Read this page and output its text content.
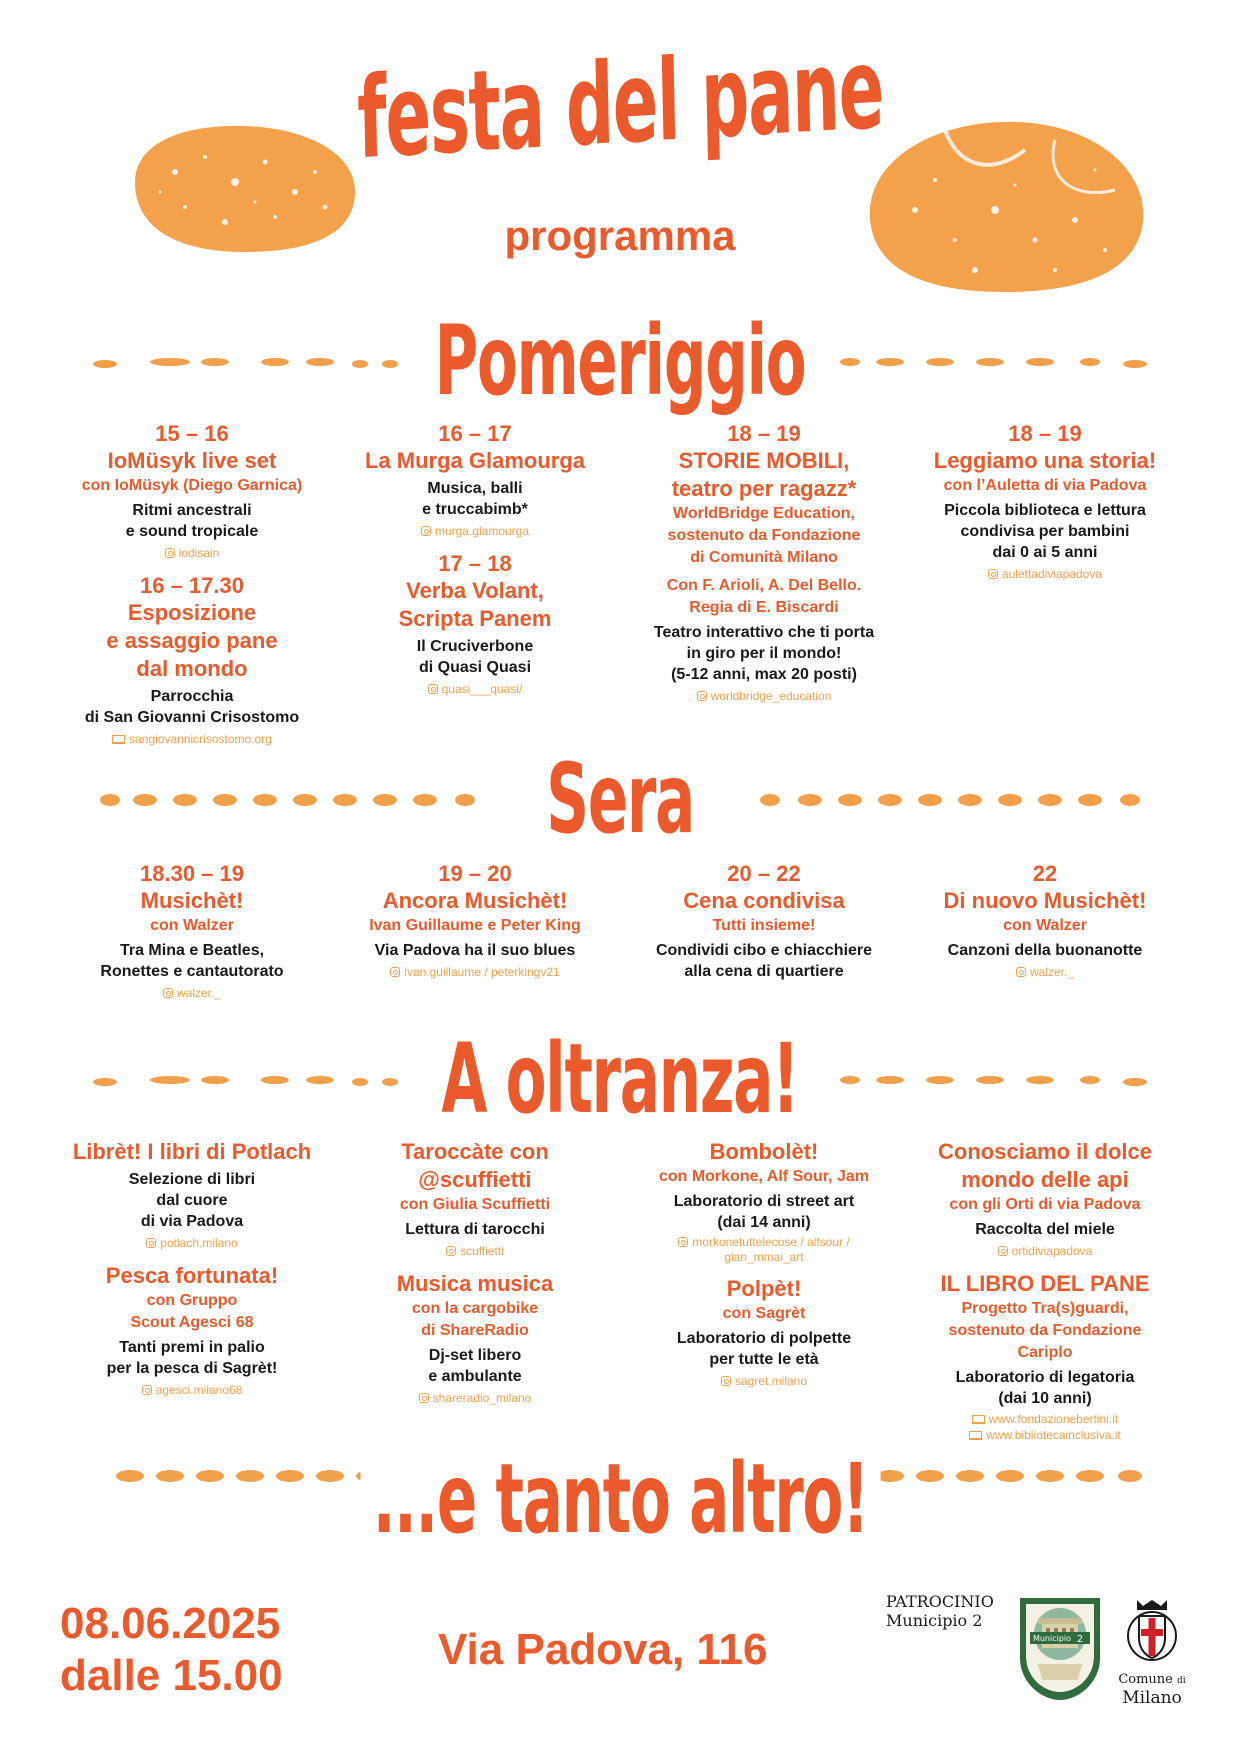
festa del pane
programma
Pomeriggio
15 – 16
IoMüsyk live set
con IoMüsyk (Diego Garnica)
Ritmi ancestrali
e sound tropicale
iodisain
16 – 17.30
Esposizione
e assaggio pane
dal mondo
Parrocchia
di San Giovanni Crisostomo
sangiovannicrisostomo.org
16 – 17
La Murga Glamourga
Musica, balli
e truccabimb*
murga.glamourga
17 – 18
Verba Volant,
Scripta Panem
Il Cruciverbone
di Quasi Quasi
quasi___quasi/
18 – 19
STORIE MOBILI,
teatro per ragazz*
WorldBridge Education,
sostenuto da Fondazione
di Comunità Milano
Con F. Arioli, A. Del Bello.
Regia di E. Biscardi
Teatro interattivo che ti porta
in giro per il mondo!
(5-12 anni, max 20 posti)
worldbridge_education
18 – 19
Leggiamo una storia!
con l’Auletta di via Padova
Piccola biblioteca e lettura
condivisa per bambini
dai 0 ai 5 anni
aulettadiviapadova
Sera
18.30 – 19
Musichèt!
con Walzer
Tra Mina e Beatles,
Ronettes e cantautorato
walzer._
19 – 20
Ancora Musichèt!
Ivan Guillaume e Peter King
Via Padova ha il suo blues
ivan.guillaume / peterkingv21
20 – 22
Cena condivisa
Tutti insieme!
Condividi cibo e chiacchiere
alla cena di quartiere
22
Di nuovo Musichèt!
con Walzer
Canzoni della buonanotte
walzer._
A oltranza!
Librèt! I libri di Potlach
Selezione di libri
dal cuore
di via Padova
potlach.milano
Pesca fortunata!
con Gruppo
Scout Agesci 68
Tanti premi in palio
per la pesca di Sagrèt!
agesci.milano68
Taroccàte con
@scuffietti
con Giulia Scuffietti
Lettura di tarocchi
scuffietti
Musica musica
con la cargobike
di ShareRadio
Dj-set libero
e ambulante
shareradio_milano
Bombolèt!
con Morkone, Alf Sour, Jam
Laboratorio di street art
(dai 14 anni)
morkonetuttelecose / alfsour /
gian_mmai_art
Polpèt!
con Sagrèt
Laboratorio di polpette
per tutte le età
sagret.milano
Conosciamo il dolce
mondo delle api
con gli Orti di via Padova
Raccolta del miele
ortidiviapadova
IL LIBRO DEL PANE
Progetto Tra(s)guardi,
sostenuto da Fondazione
Cariplo
Laboratorio di legatoria
(dai 10 anni)
www.fondazionebertini.it
www.bibliotecainclusiva.it
...e tanto altro!
08.06.2025
dalle 15.00
Via Padova, 116
PATROCINIO
Municipio 2
Municipio 2
Comune di
Milano
